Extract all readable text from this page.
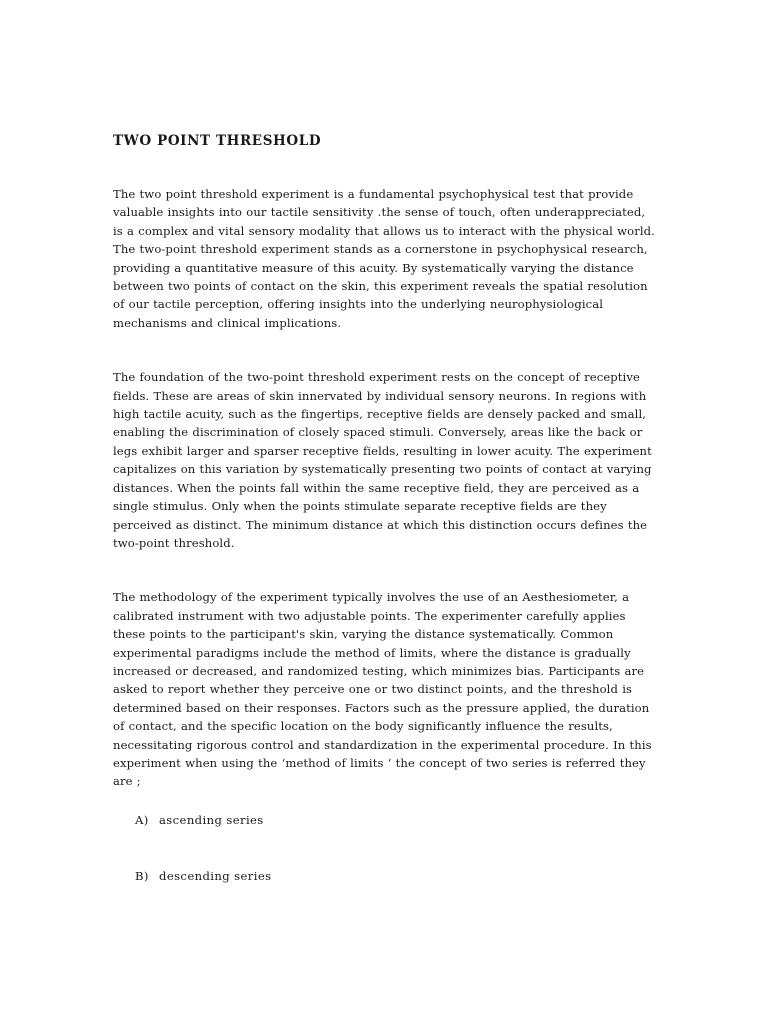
TWO POINT THRESHOLD

The two point threshold experiment is a fundamental psychophysical test that provide valuable insights into our tactile sensitivity .the sense of touch, often underappreciated, is a complex and vital sensory modality that allows us to interact with the physical world. The two-point threshold experiment stands as a cornerstone in psychophysical research, providing a quantitative measure of this acuity. By systematically varying the distance between two points of contact on the skin, this experiment reveals the spatial resolution of our tactile perception, offering insights into the underlying neurophysiological mechanisms and clinical implications.

The foundation of the two-point threshold experiment rests on the concept of receptive fields. These are areas of skin innervated by individual sensory neurons. In regions with high tactile acuity, such as the fingertips, receptive fields are densely packed and small, enabling the discrimination of closely spaced stimuli. Conversely, areas like the back or legs exhibit larger and sparser receptive fields, resulting in lower acuity. The experiment capitalizes on this variation by systematically presenting two points of contact at varying distances. When the points fall within the same receptive field, they are perceived as a single stimulus. Only when the points stimulate separate receptive fields are they perceived as distinct. The minimum distance at which this distinction occurs defines the two-point threshold.

The methodology of the experiment typically involves the use of an Aesthesiometer, a calibrated instrument with two adjustable points. The experimenter carefully applies these points to the participant's skin, varying the distance systematically. Common experimental paradigms include the method of limits, where the distance is gradually increased or decreased, and randomized testing, which minimizes bias. Participants are asked to report whether they perceive one or two distinct points, and the threshold is determined based on their responses. Factors such as the pressure applied, the duration of contact, and the specific location on the body significantly influence the results, necessitating rigorous control and standardization in the experimental procedure. In this experiment when using the ‘method of limits ‘ the concept of two series is referred they are ;

A) ascending series
B) descending series
